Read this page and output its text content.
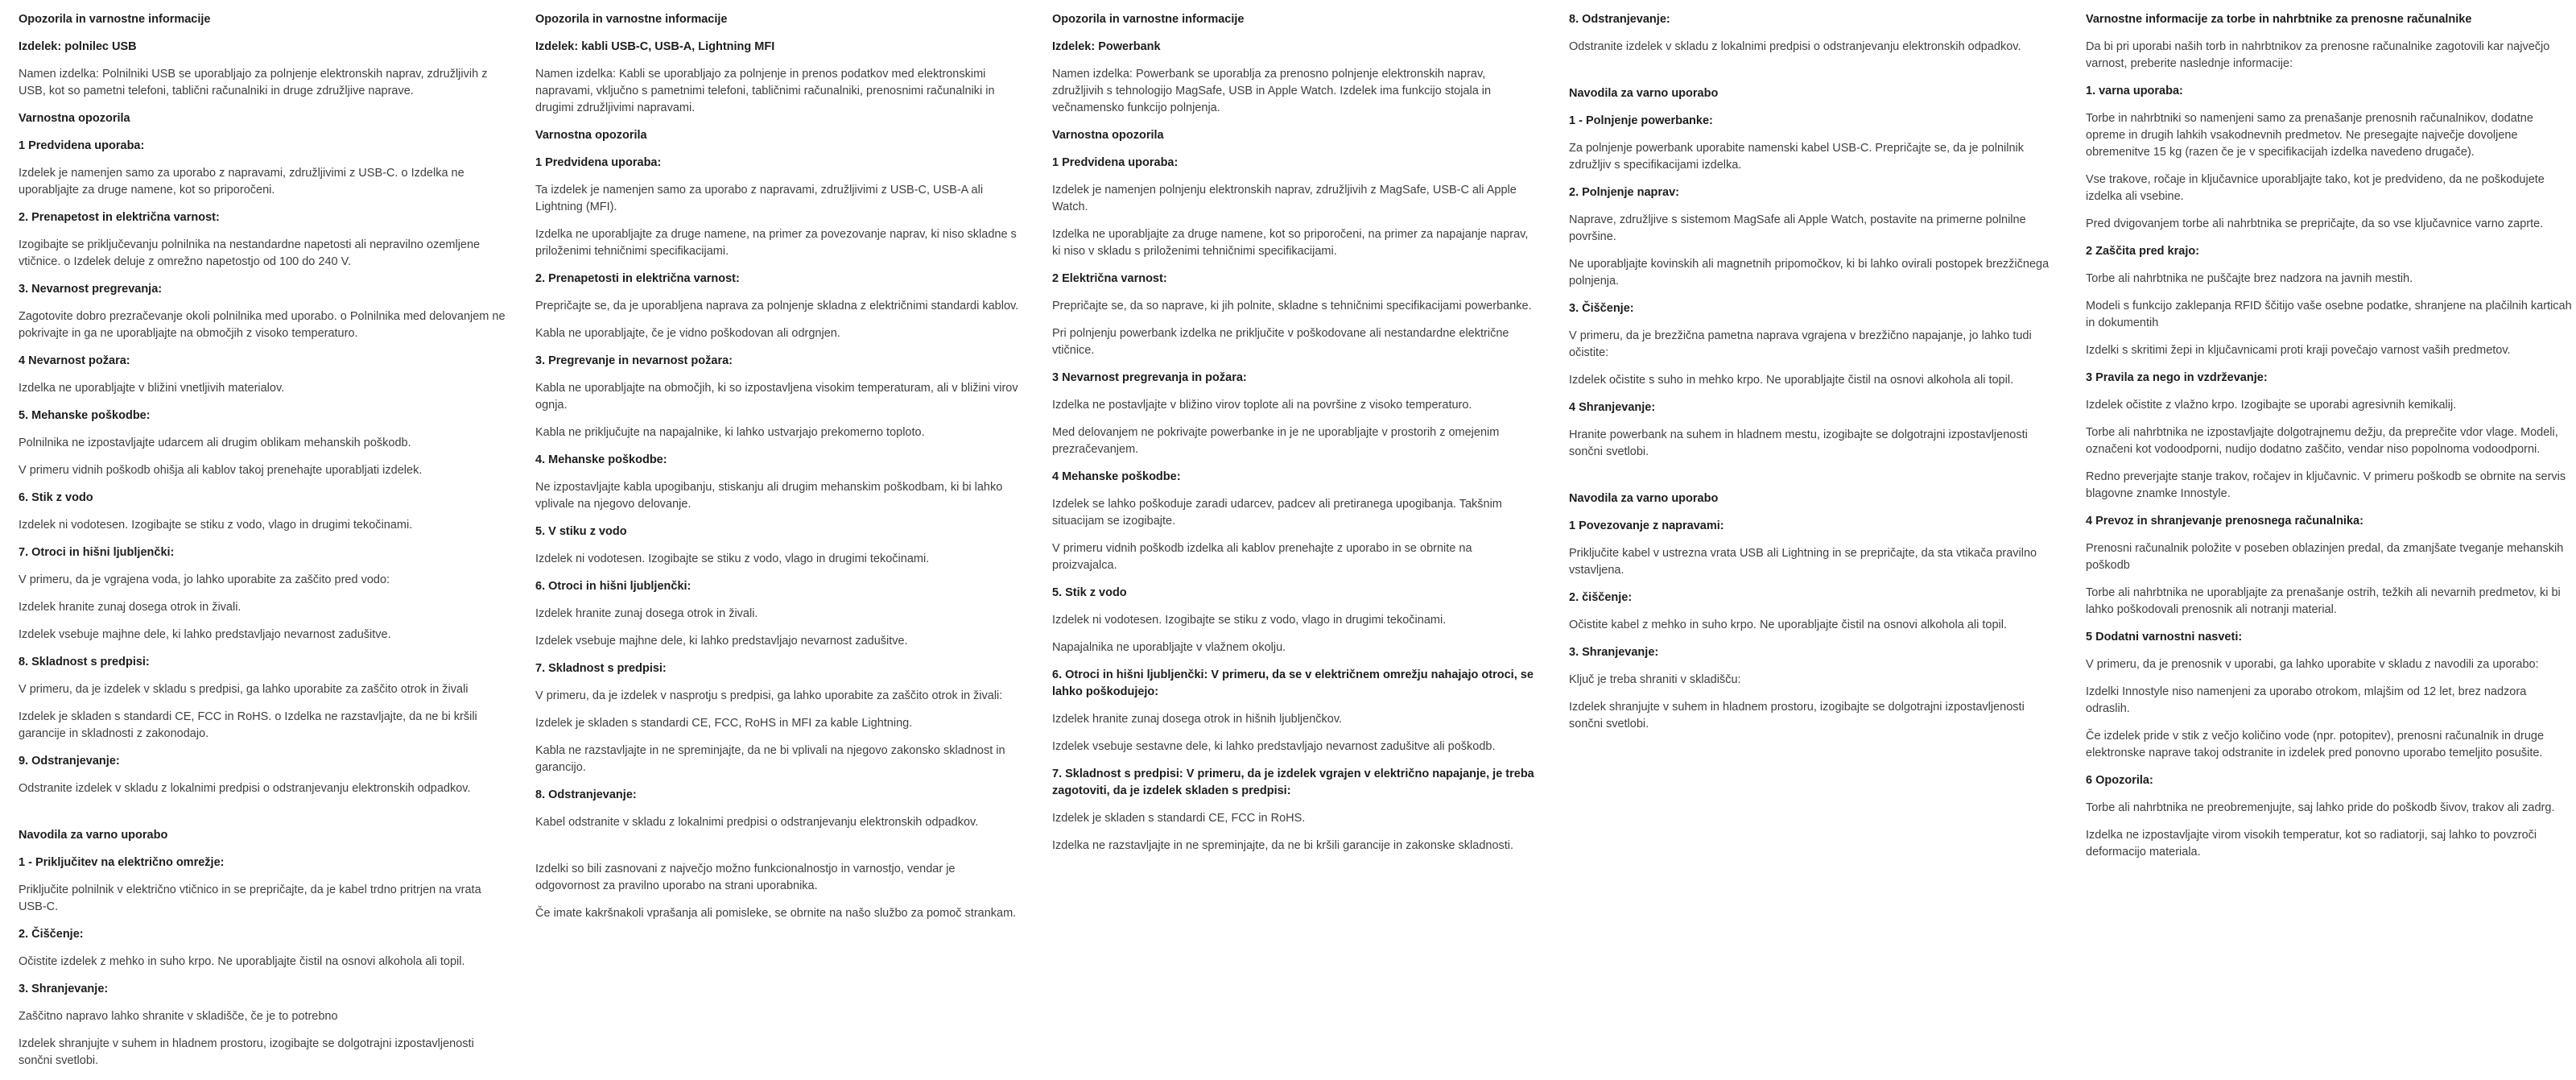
Opozorila in varnostne informacije

Izdelek: polnilec USB

Namen izdelka: Polnilniki USB se uporabljajo za polnjenje elektronskih naprav, združljivih z USB, kot so pametni telefoni, tablični računalniki in druge združljive naprave.

Varnostna opozorila

1 Predvidena uporaba:

Izdelek je namenjen samo za uporabo z napravami, združljivimi z USB-C. o Izdelka ne uporabljajte za druge namene, kot so priporočeni.

2. Prenapetost in električna varnost:

Izogibajte se priključevanju polnilnika na nestandardne napetosti ali nepravilno ozemljene vtičnice. o Izdelek deluje z omrežno napetostjo od 100 do 240 V.

3. Nevarnost pregrevanja:

Zagotovite dobro prezračevanje okoli polnilnika med uporabo. o Polnilnika med delovanjem ne pokrivajte in ga ne uporabljajte na območjih z visoko temperaturo.

4 Nevarnost požara:

Izdelka ne uporabljajte v bližini vnetljivih materialov.

5. Mehanske poškodbe:

Polnilnika ne izpostavljajte udarcem ali drugim oblikam mehanskih poškodb.

V primeru vidnih poškodb ohišja ali kablov takoj prenehajte uporabljati izdelek.

6. Stik z vodo

Izdelek ni vodotesen. Izogibajte se stiku z vodo, vlago in drugimi tekočinami.

7. Otroci in hišni ljubljenčki:

V primeru, da je vgrajena voda, jo lahko uporabite za zaščito pred vodo:

Izdelek hranite zunaj dosega otrok in živali.

Izdelek vsebuje majhne dele, ki lahko predstavljajo nevarnost zadušitve.

8. Skladnost s predpisi:

V primeru, da je izdelek v skladu s predpisi, ga lahko uporabite za zaščito otrok in živali

Izdelek je skladen s standardi CE, FCC in RoHS. o Izdelka ne razstavljajte, da ne bi kršili garancije in skladnosti z zakonodajo.

9. Odstranjevanje:

Odstranite izdelek v skladu z lokalnimi predpisi o odstranjevanju elektronskih odpadkov.

Navodila za varno uporabo

1 - Priključitev na električno omrežje:

Priključite polnilnik v električno vtičnico in se prepričajte, da je kabel trdno pritrjen na vrata USB-C.

2. Čiščenje:

Očistite izdelek z mehko in suho krpo. Ne uporabljajte čistil na osnovi alkohola ali topil.

3. Shranjevanje:

Zaščitno napravo lahko shranite v skladišče, če je to potrebno

Izdelek shranjujte v suhem in hladnem prostoru, izogibajte se dolgotrajni izpostavljenosti sončni svetlobi.

Opozorila in varnostne informacije

Izdelek: kabli USB-C, USB-A, Lightning MFI

Namen izdelka: Kabli se uporabljajo za polnjenje in prenos podatkov med elektronskimi napravami, vključno s pametnimi telefoni, tabličnimi računalniki, prenosnimi računalniki in drugimi združljivimi napravami.

Varnostna opozorila

1 Predvidena uporaba:

Ta izdelek je namenjen samo za uporabo z napravami, združljivimi z USB-C, USB-A ali Lightning (MFI).

Izdelka ne uporabljajte za druge namene, na primer za povezovanje naprav, ki niso skladne s priloženimi tehničnimi specifikacijami.

2. Prenapetosti in električna varnost:

Prepričajte se, da je uporabljena naprava za polnjenje skladna z električnimi standardi kablov.

Kabla ne uporabljajte, če je vidno poškodovan ali odrgnjen.

3. Pregrevanje in nevarnost požara:

Kabla ne uporabljajte na območjih, ki so izpostavljena visokim temperaturam, ali v bližini virov ognja.

Kabla ne priključujte na napajalnike, ki lahko ustvarjajo prekomerno toploto.

4. Mehanske poškodbe:

Ne izpostavljajte kabla upogibanju, stiskanju ali drugim mehanskim poškodbam, ki bi lahko vplivale na njegovo delovanje.

5. V stiku z vodo

Izdelek ni vodotesen. Izogibajte se stiku z vodo, vlago in drugimi tekočinami.

6. Otroci in hišni ljubljenčki:

Izdelek hranite zunaj dosega otrok in živali.

Izdelek vsebuje majhne dele, ki lahko predstavljajo nevarnost zadušitve.

7. Skladnost s predpisi:

V primeru, da je izdelek v nasprotju s predpisi, ga lahko uporabite za zaščito otrok in živali:

Izdelek je skladen s standardi CE, FCC, RoHS in MFI za kable Lightning.

Kabla ne razstavljajte in ne spreminjajte, da ne bi vplivali na njegovo zakonsko skladnost in garancijo.

8. Odstranjevanje:

Kabel odstranite v skladu z lokalnimi predpisi o odstranjevanju elektronskih odpadkov.

Izdelki so bili zasnovani z največjo možno funkcionalnostjo in varnostjo, vendar je odgovornost za pravilno uporabo na strani uporabnika.

Če imate kakršnakoli vprašanja ali pomisleke, se obrnite na našo službo za pomoč strankam.

Opozorila in varnostne informacije

Izdelek: Powerbank

Namen izdelka: Powerbank se uporablja za prenosno polnjenje elektronskih naprav, združljivih s tehnologijo MagSafe, USB in Apple Watch. Izdelek ima funkcijo stojala in večnamensko funkcijo polnjenja.

Varnostna opozorila

1 Predvidena uporaba:

Izdelek je namenjen polnjenju elektronskih naprav, združljivih z MagSafe, USB-C ali Apple Watch.

Izdelka ne uporabljajte za druge namene, kot so priporočeni, na primer za napajanje naprav, ki niso v skladu s priloženimi tehničnimi specifikacijami.

2 Električna varnost:

Prepričajte se, da so naprave, ki jih polnite, skladne s tehničnimi specifikacijami powerbanke.

Pri polnjenju powerbank izdelka ne priključite v poškodovane ali nestandardne električne vtičnice.

3 Nevarnost pregrevanja in požara:

Izdelka ne postavljajte v bližino virov toplote ali na površine z visoko temperaturo.

Med delovanjem ne pokrivajte powerbanke in je ne uporabljajte v prostorih z omejenim prezračevanjem.

4 Mehanske poškodbe:

Izdelek se lahko poškoduje zaradi udarcev, padcev ali pretiranega upogibanja. Takšnim situacijam se izogibajte.

V primeru vidnih poškodb izdelka ali kablov prenehajte z uporabo in se obrnite na proizvajalca.

5. Stik z vodo

Izdelek ni vodotesen. Izogibajte se stiku z vodo, vlago in drugimi tekočinami.

Napajalnika ne uporabljajte v vlažnem okolju.

6. Otroci in hišni ljubljenčki: V primeru, da se v električnem omrežju nahajajo otroci, se lahko poškodujejo:

Izdelek hranite zunaj dosega otrok in hišnih ljubljenčkov.

Izdelek vsebuje sestavne dele, ki lahko predstavljajo nevarnost zadušitve ali poškodb.

7. Skladnost s predpisi: V primeru, da je izdelek vgrajen v električno napajanje, je treba zagotoviti, da je izdelek skladen s predpisi:

Izdelek je skladen s standardi CE, FCC in RoHS.

Izdelka ne razstavljajte in ne spreminjajte, da ne bi kršili garancije in zakonske skladnosti.

8. Odstranjevanje:

Odstranite izdelek v skladu z lokalnimi predpisi o odstranjevanju elektronskih odpadkov.

Navodila za varno uporabo

1 - Polnjenje powerbanke:

Za polnjenje powerbank uporabite namenski kabel USB-C. Prepričajte se, da je polnilnik združljiv s specifikacijami izdelka.

2. Polnjenje naprav:

Naprave, združljive s sistemom MagSafe ali Apple Watch, postavite na primerne polnilne površine.

Ne uporabljajte kovinskih ali magnetnih pripomočkov, ki bi lahko ovirali postopek brezžičnega polnjenja.

3. Čiščenje:

V primeru, da je brezžična pametna naprava vgrajena v brezžično napajanje, jo lahko tudi očistite:

Izdelek očistite s suho in mehko krpo. Ne uporabljajte čistil na osnovi alkohola ali topil.

4 Shranjevanje:

Hranite powerbank na suhem in hladnem mestu, izogibajte se dolgotrajni izpostavljenosti sončni svetlobi.

Navodila za varno uporabo

1 Povezovanje z napravami:

Priključite kabel v ustrezna vrata USB ali Lightning in se prepričajte, da sta vtikača pravilno vstavljena.

2. čiščenje:

Očistite kabel z mehko in suho krpo. Ne uporabljajte čistil na osnovi alkohola ali topil.

3. Shranjevanje:

Ključ je treba shraniti v skladišču:

Izdelek shranjujte v suhem in hladnem prostoru, izogibajte se dolgotrajni izpostavljenosti sončni svetlobi.

Varnostne informacije za torbe in nahrbtnike za prenosne računalnike

Da bi pri uporabi naših torb in nahrbtnikov za prenosne računalnike zagotovili kar največjo varnost, preberite naslednje informacije:

1. varna uporaba:

Torbe in nahrbtniki so namenjeni samo za prenašanje prenosnih računalnikov, dodatne opreme in drugih lahkih vsakodnevnih predmetov. Ne presegajte največje dovoljene obremenitve 15 kg (razen če je v specifikacijah izdelka navedeno drugače).

Vse trakove, ročaje in ključavnice uporabljajte tako, kot je predvideno, da ne poškodujete izdelka ali vsebine.

Pred dvigovanjem torbe ali nahrbtnika se prepričajte, da so vse ključavnice varno zaprte.

2 Zaščita pred krajo:

Torbe ali nahrbtnika ne puščajte brez nadzora na javnih mestih.

Modeli s funkcijo zaklepanja RFID ščitijo vaše osebne podatke, shranjene na plačilnih karticah in dokumentih

Izdelki s skritimi žepi in ključavnicami proti kraji povečajo varnost vaših predmetov.

3 Pravila za nego in vzdrževanje:

Izdelek očistite z vlažno krpo. Izogibajte se uporabi agresivnih kemikalij.

Torbe ali nahrbtnika ne izpostavljajte dolgotrajnemu dežju, da preprečite vdor vlage. Modeli, označeni kot vodoodporni, nudijo dodatno zaščito, vendar niso popolnoma vodoodporni.

Redno preverjajte stanje trakov, ročajev in ključavnic. V primeru poškodb se obrnite na servis blagovne znamke Innostyle.

4 Prevoz in shranjevanje prenosnega računalnika:

Prenosni računalnik položite v poseben oblazinjen predal, da zmanjšate tveganje mehanskih poškodb

Torbe ali nahrbtnika ne uporabljajte za prenašanje ostrih, težkih ali nevarnih predmetov, ki bi lahko poškodovali prenosnik ali notranji material.

5 Dodatni varnostni nasveti:

V primeru, da je prenosnik v uporabi, ga lahko uporabite v skladu z navodili za uporabo:

Izdelki Innostyle niso namenjeni za uporabo otrokom, mlajšim od 12 let, brez nadzora odraslih.

Če izdelek pride v stik z večjo količino vode (npr. potopitev), prenosni računalnik in druge elektronske naprave takoj odstranite in izdelek pred ponovno uporabo temeljito posušite.

6 Opozorila:

Torbe ali nahrbtnika ne preobremenjujte, saj lahko pride do poškodb šivov, trakov ali zadrg.

Izdelka ne izpostavljajte virom visokih temperatur, kot so radiatorji, saj lahko to povzroči deformacijo materiala.
